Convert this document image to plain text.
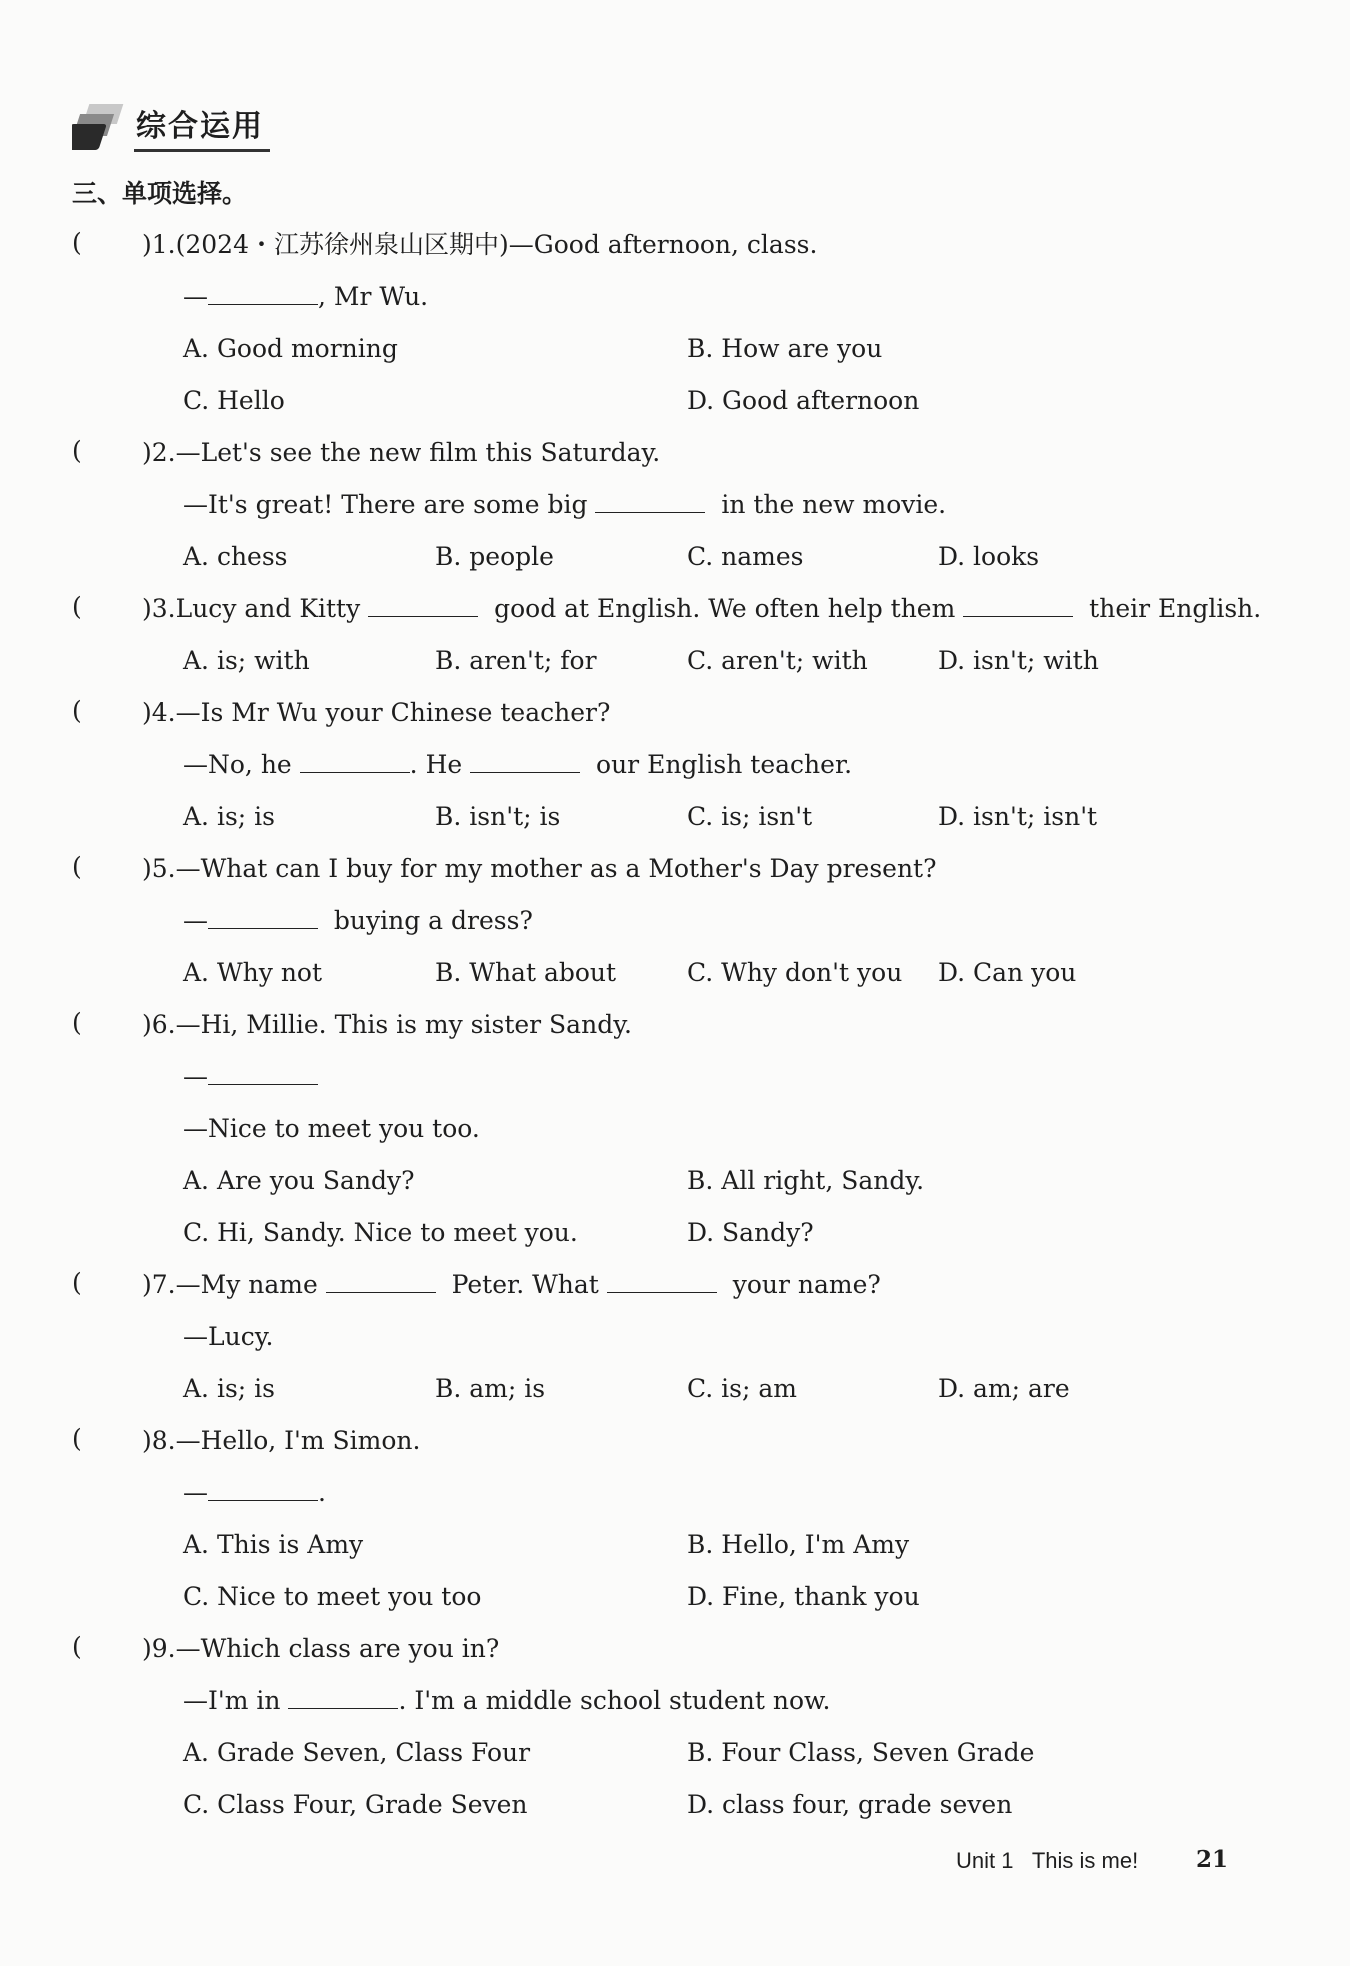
综合运用
三、单项选择。
( )1.(2024・江苏徐州泉山区期中)—Good afternoon, class.
—	, Mr Wu.
A. Good morning	B. How are you
C. Hello	D. Good afternoon
( )2.—Let's see the new film this Saturday.
—It's great! There are some big	in the new movie.
A. chess	B. people	C. names	D. looks
( )3.Lucy and Kitty	good at English. We often help them	their English.
A. is; with	B. aren't; for	C. aren't; with	D. isn't; with
( )4.—Is Mr Wu your Chinese teacher?
—No, he	. He	our English teacher.
A. is; is	B. isn't; is	C. is; isn't	D. isn't; isn't
( )5.—What can I buy for my mother as a Mother's Day present?
—	buying a dress?
A. Why not	B. What about	C. Why don't you D. Can you
( )6.—Hi, Millie. This is my sister Sandy.
—
—Nice to meet you too.
A. Are you Sandy?	B. All right, Sandy.
C. Hi, Sandy. Nice to meet you.	D. Sandy?
( )7.—My name	Peter. What	your name?
—Lucy.
A. is; is	B. am; is	C. is; am	D. am; are
( )8.—Hello, I'm Simon.
—	.
A. This is Amy	B. Hello, I'm Amy
C. Nice to meet you too	D. Fine, thank you
( )9.—Which class are you in?
—I'm in	. I'm a middle school student now.
A. Grade Seven, Class Four	B. Four Class, Seven Grade
C. Class Four, Grade Seven	D. class four, grade seven
Unit 1 This is me!	21
